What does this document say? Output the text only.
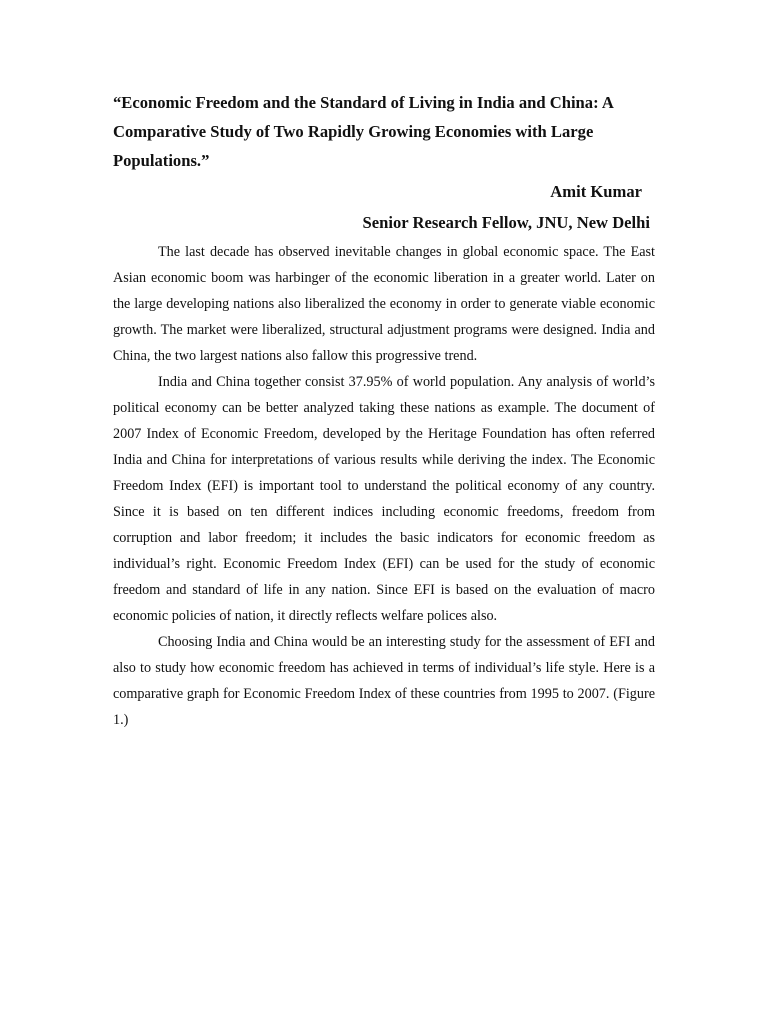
“Economic Freedom and the Standard of Living in India and China: A Comparative Study of Two Rapidly Growing Economies with Large Populations.”
Amit Kumar
Senior Research Fellow, JNU, New Delhi

The last decade has observed inevitable changes in global economic space. The East Asian economic boom was harbinger of the economic liberation in a greater world. Later on the large developing nations also liberalized the economy in order to generate viable economic growth. The market were liberalized, structural adjustment programs were designed. India and China, the two largest nations also fallow this progressive trend.

India and China together consist 37.95% of world population. Any analysis of world’s political economy can be better analyzed taking these nations as example. The document of 2007 Index of Economic Freedom, developed by the Heritage Foundation has often referred India and China for interpretations of various results while deriving the index. The Economic Freedom Index (EFI) is important tool to understand the political economy of any country. Since it is based on ten different indices including economic freedoms, freedom from corruption and labor freedom; it includes the basic indicators for economic freedom as individual’s right. Economic Freedom Index (EFI) can be used for the study of economic freedom and standard of life in any nation. Since EFI is based on the evaluation of macro economic policies of nation, it directly reflects welfare polices also.

Choosing India and China would be an interesting study for the assessment of EFI and also to study how economic freedom has achieved in terms of individual’s life style. Here is a comparative graph for Economic Freedom Index of these countries from 1995 to 2007. (Figure 1.)
